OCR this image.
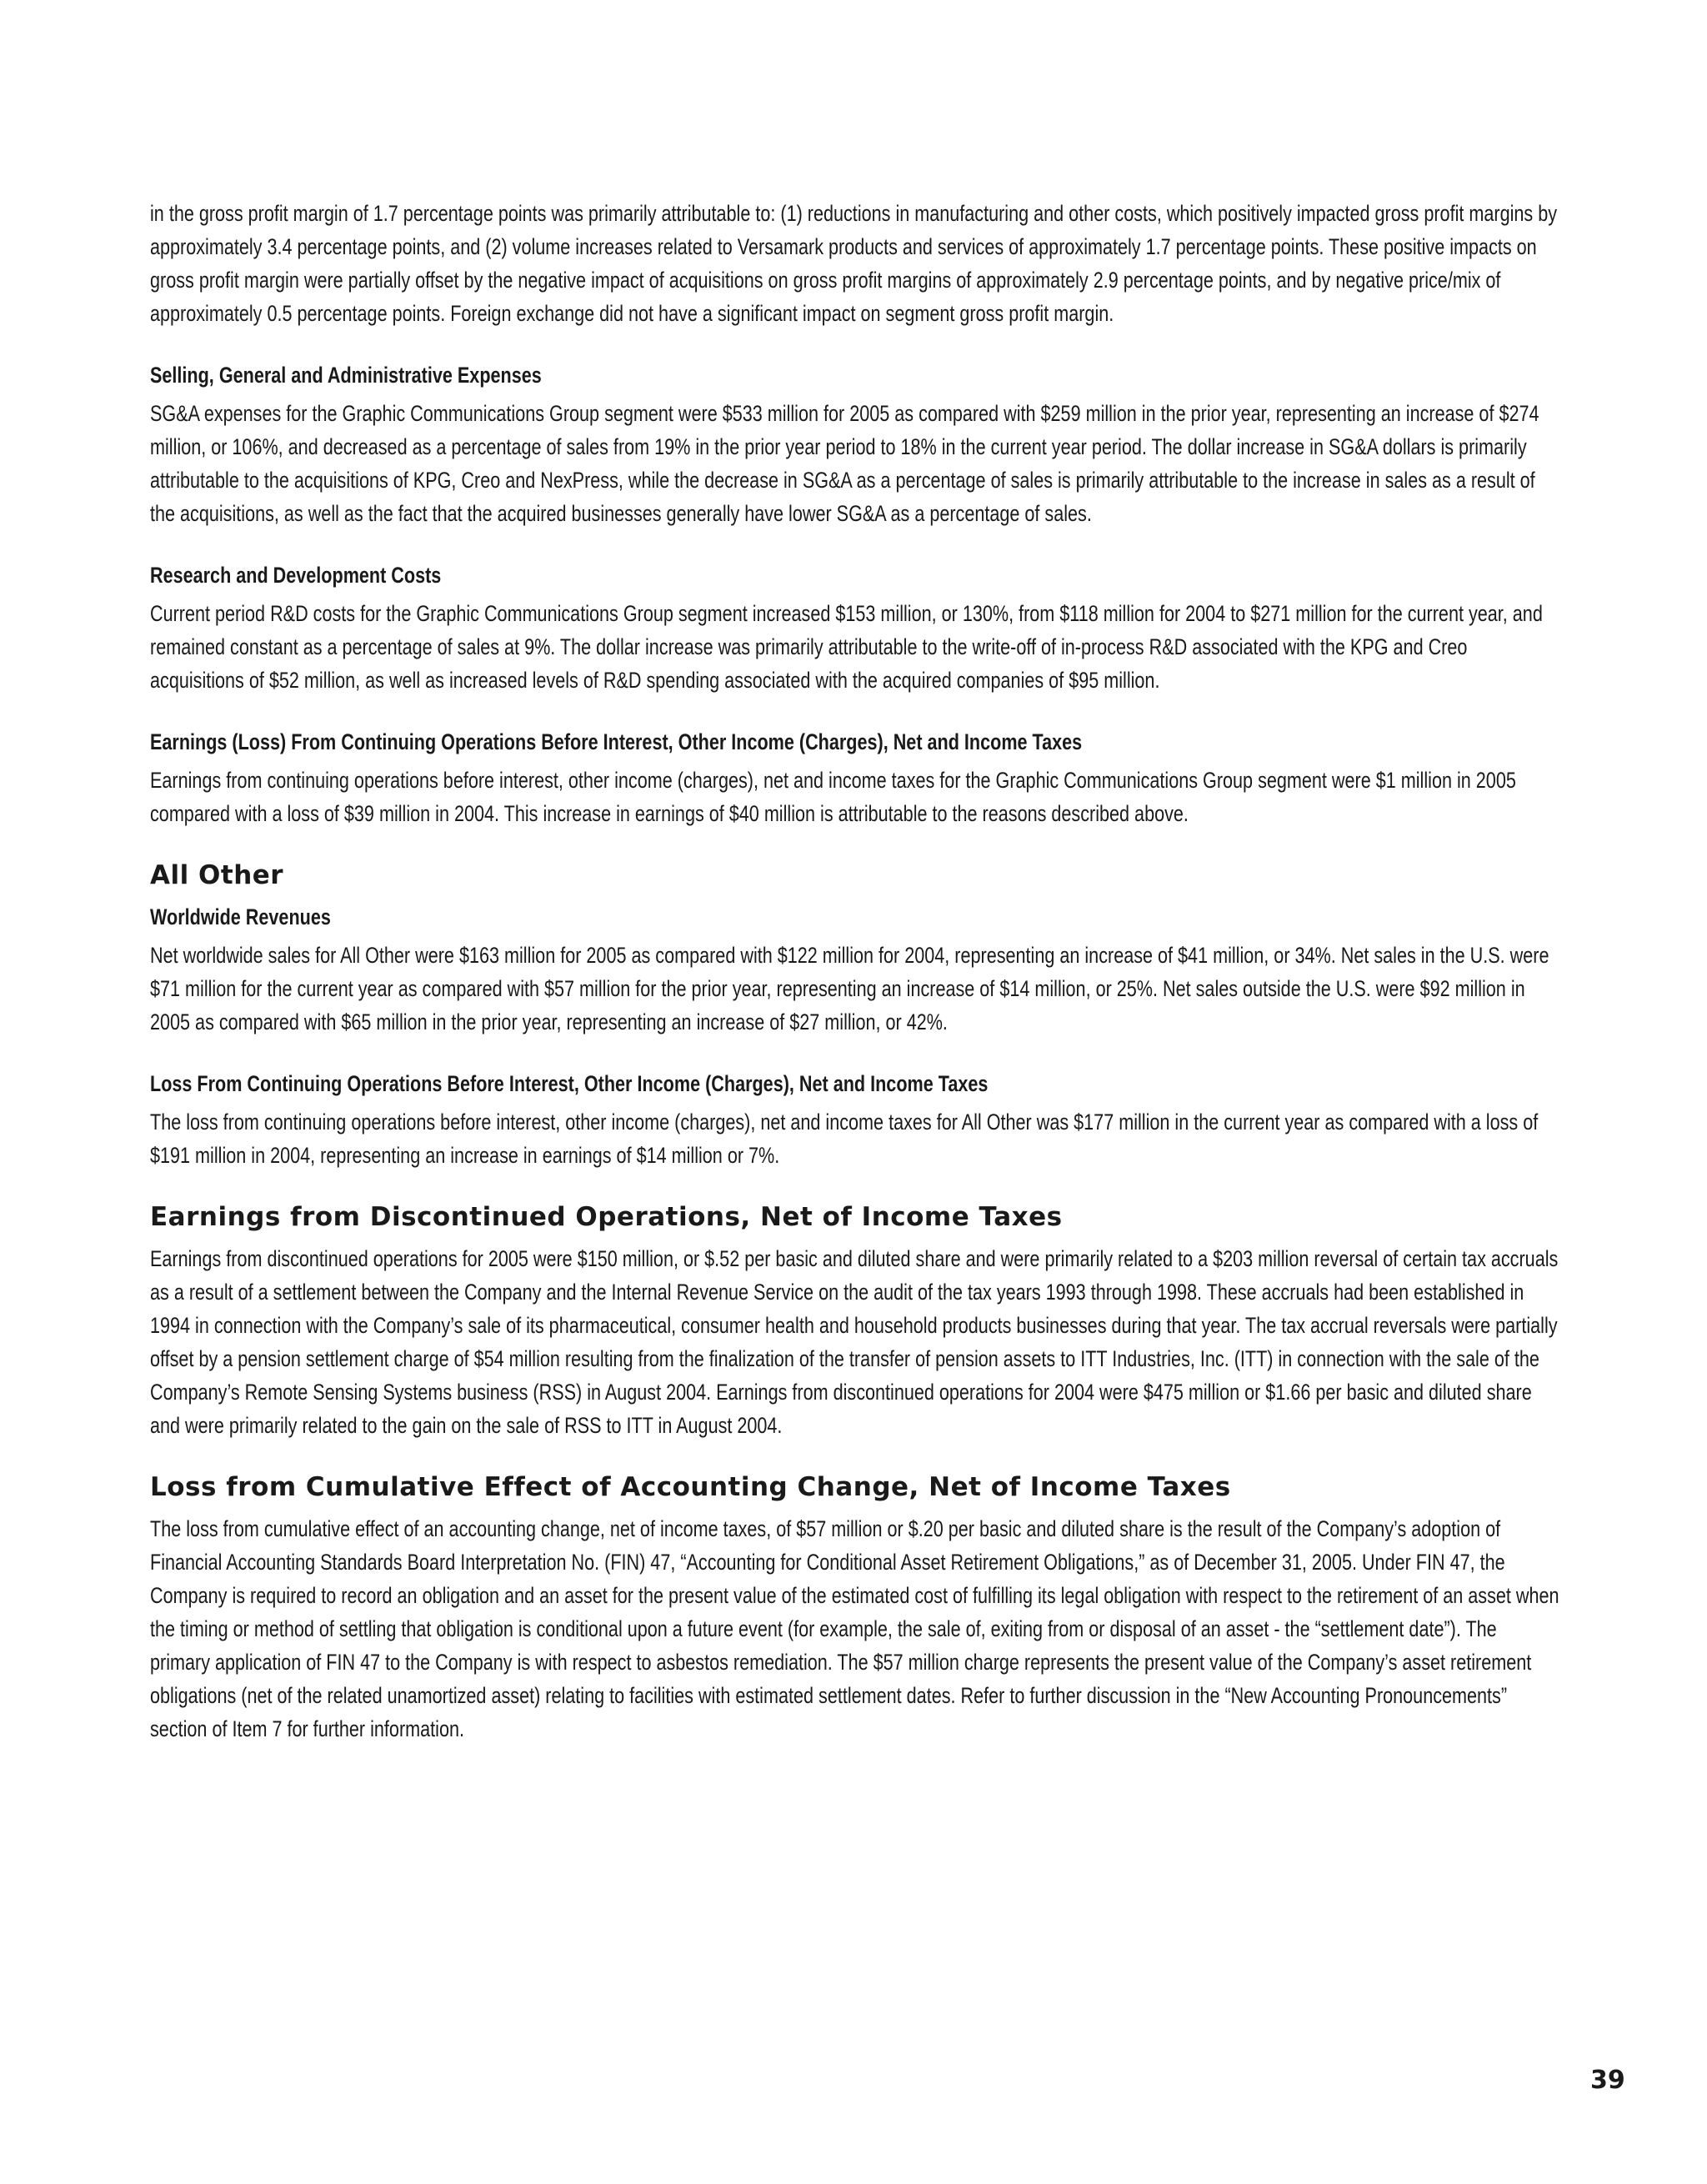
in the gross profit margin of 1.7 percentage points was primarily attributable to: (1) reductions in manufacturing and other costs, which positively impacted gross profit margins by approximately 3.4 percentage points, and (2) volume increases related to Versamark products and services of approximately 1.7 percentage points. These positive impacts on gross profit margin were partially offset by the negative impact of acquisitions on gross profit margins of approximately 2.9 percentage points, and by negative price/mix of approximately 0.5 percentage points. Foreign exchange did not have a significant impact on segment gross profit margin.

Selling, General and Administrative Expenses

SG&A expenses for the Graphic Communications Group segment were $533 million for 2005 as compared with $259 million in the prior year, representing an increase of $274 million, or 106%, and decreased as a percentage of sales from 19% in the prior year period to 18% in the current year period. The dollar increase in SG&A dollars is primarily attributable to the acquisitions of KPG, Creo and NexPress, while the decrease in SG&A as a percentage of sales is primarily attributable to the increase in sales as a result of the acquisitions, as well as the fact that the acquired businesses generally have lower SG&A as a percentage of sales.

Research and Development Costs

Current period R&D costs for the Graphic Communications Group segment increased $153 million, or 130%, from $118 million for 2004 to $271 million for the current year, and remained constant as a percentage of sales at 9%. The dollar increase was primarily attributable to the write-off of in-process R&D associated with the KPG and Creo acquisitions of $52 million, as well as increased levels of R&D spending associated with the acquired companies of $95 million.

Earnings (Loss) From Continuing Operations Before Interest, Other Income (Charges), Net and Income Taxes

Earnings from continuing operations before interest, other income (charges), net and income taxes for the Graphic Communications Group segment were $1 million in 2005 compared with a loss of $39 million in 2004. This increase in earnings of $40 million is attributable to the reasons described above.

All Other
Worldwide Revenues

Net worldwide sales for All Other were $163 million for 2005 as compared with $122 million for 2004, representing an increase of $41 million, or 34%. Net sales in the U.S. were $71 million for the current year as compared with $57 million for the prior year, representing an increase of $14 million, or 25%. Net sales outside the U.S. were $92 million in 2005 as compared with $65 million in the prior year, representing an increase of $27 million, or 42%.

Loss From Continuing Operations Before Interest, Other Income (Charges), Net and Income Taxes

The loss from continuing operations before interest, other income (charges), net and income taxes for All Other was $177 million in the current year as compared with a loss of $191 million in 2004, representing an increase in earnings of $14 million or 7%.

Earnings from Discontinued Operations, Net of Income Taxes

Earnings from discontinued operations for 2005 were $150 million, or $.52 per basic and diluted share and were primarily related to a $203 million reversal of certain tax accruals as a result of a settlement between the Company and the Internal Revenue Service on the audit of the tax years 1993 through 1998. These accruals had been established in 1994 in connection with the Company’s sale of its pharmaceutical, consumer health and household products businesses during that year. The tax accrual reversals were partially offset by a pension settlement charge of $54 million resulting from the finalization of the transfer of pension assets to ITT Industries, Inc. (ITT) in connection with the sale of the Company’s Remote Sensing Systems business (RSS) in August 2004. Earnings from discontinued operations for 2004 were $475 million or $1.66 per basic and diluted share and were primarily related to the gain on the sale of RSS to ITT in August 2004.

Loss from Cumulative Effect of Accounting Change, Net of Income Taxes

The loss from cumulative effect of an accounting change, net of income taxes, of $57 million or $.20 per basic and diluted share is the result of the Company’s adoption of Financial Accounting Standards Board Interpretation No. (FIN) 47, “Accounting for Conditional Asset Retirement Obligations,” as of December 31, 2005. Under FIN 47, the Company is required to record an obligation and an asset for the present value of the estimated cost of fulfilling its legal obligation with respect to the retirement of an asset when the timing or method of settling that obligation is conditional upon a future event (for example, the sale of, exiting from or disposal of an asset - the “settlement date”). The primary application of FIN 47 to the Company is with respect to asbestos remediation. The $57 million charge represents the present value of the Company’s asset retirement obligations (net of the related unamortized asset) relating to facilities with estimated settlement dates. Refer to further discussion in the “New Accounting Pronouncements” section of Item 7 for further information.

39
